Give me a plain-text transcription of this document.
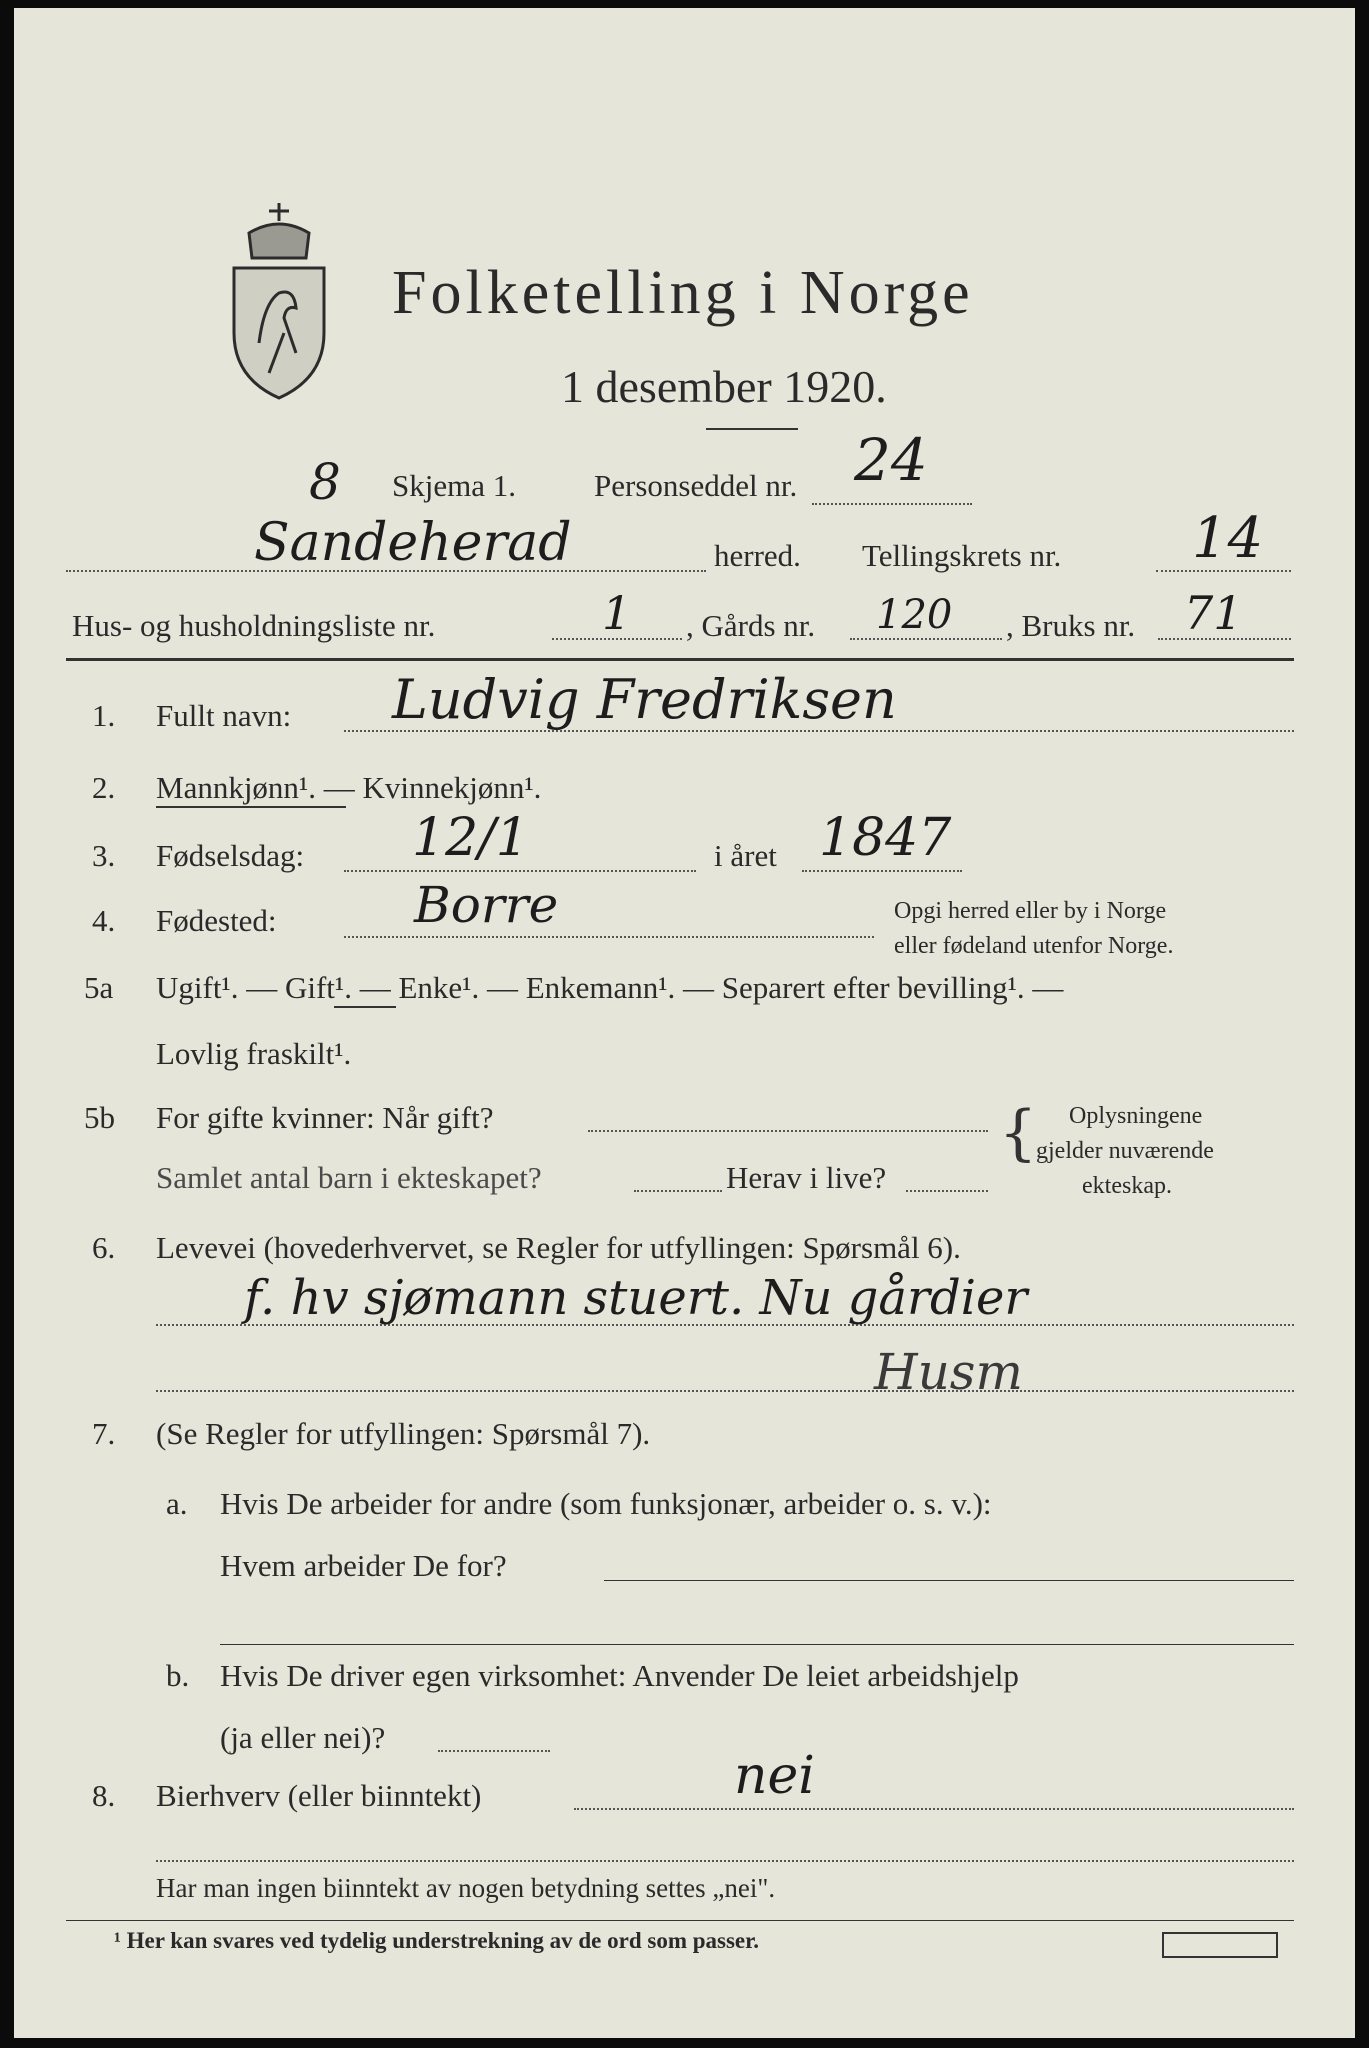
Folketelling i Norge
1 desember 1920.
8 Skjema 1.	Personseddel nr. 24
Sandeherad	herred. Tellingskrets nr. 14
Hus- og husholdningsliste nr.	1 , Gårds nr. 120 , Bruks nr. 71
1. Fullt navn: Ludvig Fredriksen
2. Mannkjønn¹. — Kvinnekjønn¹.
3. Fødselsdag: 12/1	i året 1847
4. Fødested:	Borre	Opgi herred eller by i Norge
eller fødeland utenfor Norge.
5a Ugift¹. — Gift¹. — Enke¹. — Enkemann¹. — Separert efter bevilling¹. —
Lovlig fraskilt¹.
5b For gifte kvinner: Når gift?
Samlet antal barn i ekteskapet?	Herav i live?
{ Oplysningene
gjelder nuværende
ekteskap.
6. Levevei (hovederhvervet, se Regler for utfyllingen: Spørsmål 6).
f. hv sjømann stuert. Nu gårdier
Husm
7. (Se Regler for utfyllingen: Spørsmål 7).
a. Hvis De arbeider for andre (som funksjonær, arbeider o. s. v.):
Hvem arbeider De for?
b. Hvis De driver egen virksomhet: Anvender De leiet arbeidshjelp
(ja eller nei)?
8. Bierhverv (eller biinntekt)	nei
Har man ingen biinntekt av nogen betydning settes „nei".
¹ Her kan svares ved tydelig understrekning av de ord som passer.
